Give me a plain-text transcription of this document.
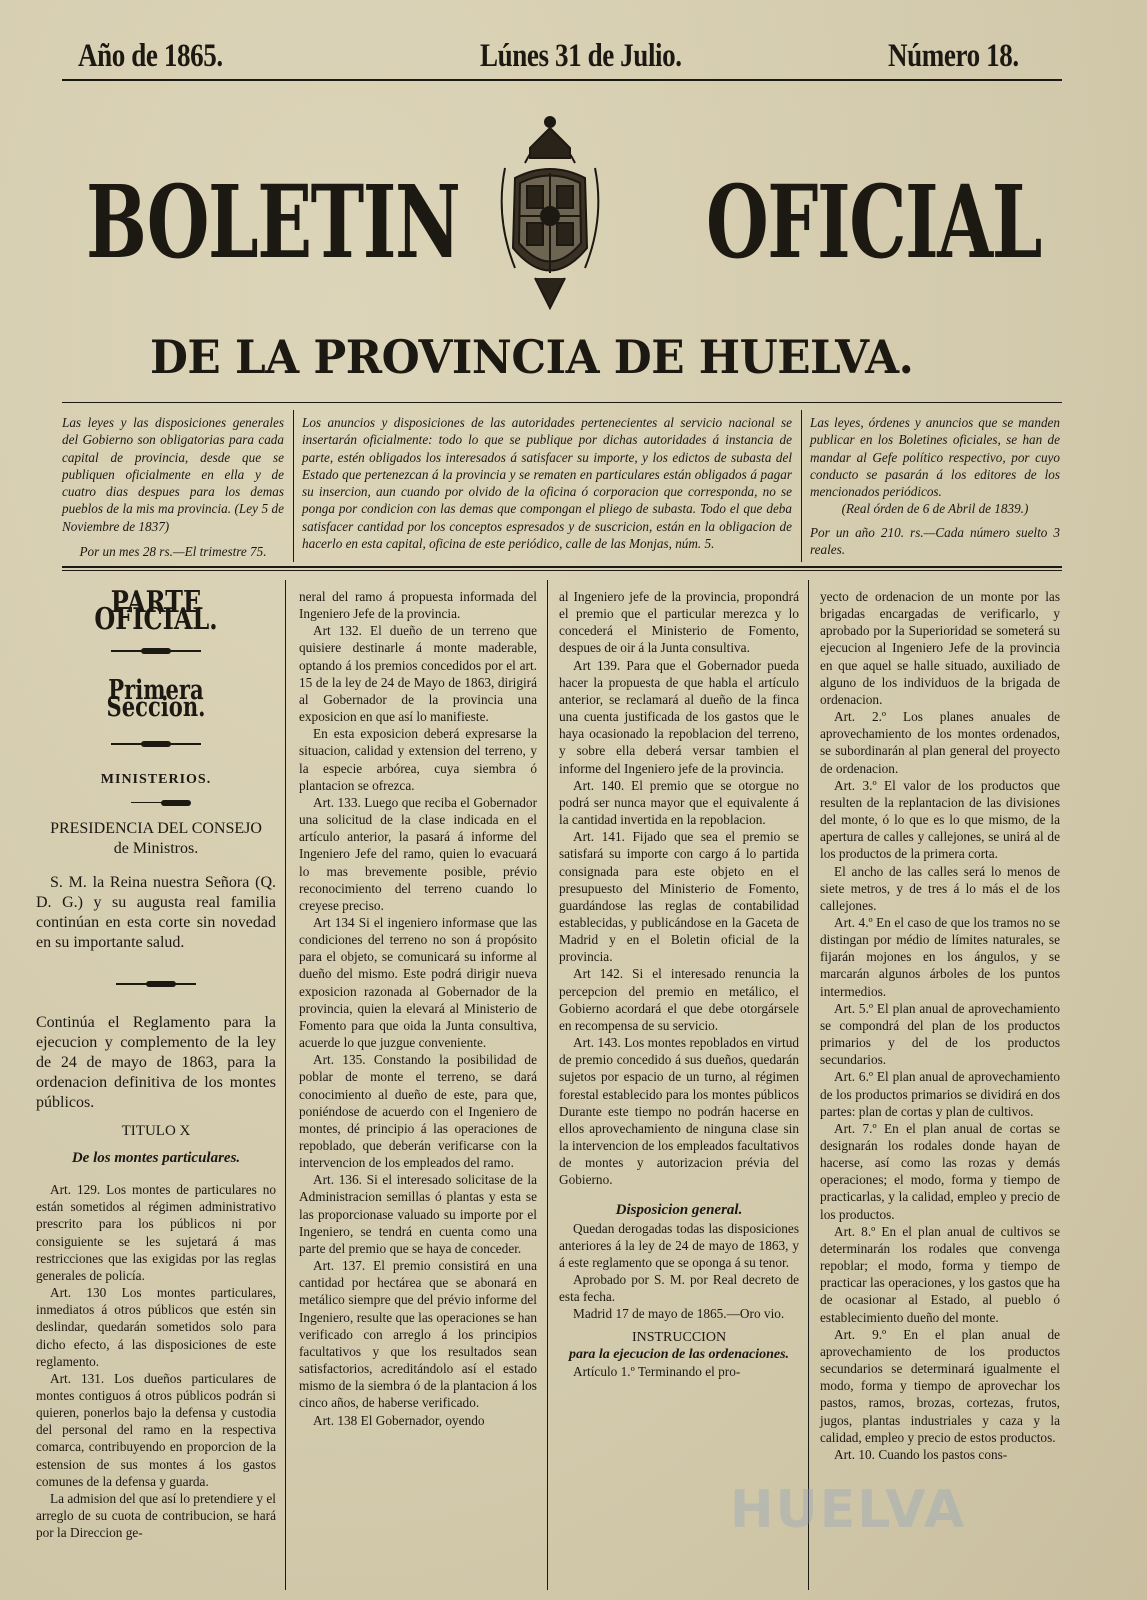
Año de 1865.	Lúnes 31 de Julio.	Número 18.
BOLETIN OFICIAL
DE LA PROVINCIA DE HUELVA.

Las leyes y las disposiciones generales del Gobierno son obligatorias para cada capital de provincia, desde que se publiquen oficialmente en ella y de cuatro dias despues para los demas pueblos de la mis ma provincia. (Ley 5 de Noviembre de 1837)

Por un mes 28 rs.—El trimestre 75.

Los anuncios y disposiciones de las autoridades pertenecientes al servicio nacional se insertarán oficialmente: todo lo que se publique por dichas autoridades á instancia de parte, estén obligados los interesados á satisfacer su importe, y los edictos de subasta del Estado que pertenezcan á la provincia y se rematen en particulares están obligados á pagar su insercion, aun cuando por olvido de la oficina ó corporacion que corresponda, no se ponga por condicion con las demas que compongan el pliego de subasta. Todo el que deba satisfacer cantidad por los conceptos espresados y de suscricion, están en la obligacion de hacerlo en esta capital, oficina de este periódico, calle de las Monjas, núm. 5.

Las leyes, órdenes y anuncios que se manden publicar en los Boletines oficiales, se han de mandar al Gefe político respectivo, por cuyo conducto se pasarán á los editores de los mencionados periódicos.

(Real órden de 6 de Abril de 1839.)

Por un año 210. rs.—Cada número suelto 3 reales.

PARTE OFICIAL.
Primera Seccion.

MINISTERIOS.

PRESIDENCIA DEL CONSEJO

de Ministros.

S. M. la Reina nuestra Señora (Q. D. G.) y su augusta real familia continúan en esta corte sin novedad en su importante salud.

Continúa el Reglamento para la ejecucion y complemento de la ley de 24 de mayo de 1863, para la ordenacion definitiva de los montes públicos.

TITULO X

De los montes particulares.

Art. 129. Los montes de particulares no están sometidos al régimen administrativo prescrito para los públicos ni por consiguiente se les sujetará á mas restricciones que las exigidas por las reglas generales de policía.

Art. 130 Los montes particulares, inmediatos á otros públicos que estén sin deslindar, quedarán sometidos solo para dicho efecto, á las disposiciones de este reglamento.

Art. 131. Los dueños particulares de montes contiguos á otros públicos podrán si quieren, ponerlos bajo la defensa y custodia del personal del ramo en la respectiva comarca, contribuyendo en proporcion de la estension de sus montes á los gastos comunes de la defensa y guarda.

La admision del que así lo pretendiere y el arreglo de su cuota de contribucion, se hará por la Direccion ge-

neral del ramo á propuesta informada del Ingeniero Jefe de la provincia.

Art 132. El dueño de un terreno que quisiere destinarle á monte maderable, optando á los premios concedidos por el art. 15 de la ley de 24 de Mayo de 1863, dirigirá al Gobernador de la provincia una exposicion en que así lo manifieste.

En esta exposicion deberá expresarse la situacion, calidad y extension del terreno, y la especie arbórea, cuya siembra ó plantacion se ofrezca.

Art. 133. Luego que reciba el Gobernador una solicitud de la clase indicada en el artículo anterior, la pasará á informe del Ingeniero Jefe del ramo, quien lo evacuará lo mas brevemente posible, prévio reconocimiento del terreno cuando lo creyese preciso.

Art 134 Si el ingeniero informase que las condiciones del terreno no son á propósito para el objeto, se comunicará su informe al dueño del mismo. Este podrá dirigir nueva exposicion razonada al Gobernador de la provincia, quien la elevará al Ministerio de Fomento para que oida la Junta consultiva, acuerde lo que juzgue conveniente.

Art. 135. Constando la posibilidad de poblar de monte el terreno, se dará conocimiento al dueño de este, para que, poniéndose de acuerdo con el Ingeniero de montes, dé principio á las operaciones de repoblado, que deberán verificarse con la intervencion de los empleados del ramo.

Art. 136. Si el interesado solicitase de la Administracion semillas ó plantas y esta se las proporcionase valuado su importe por el Ingeniero, se tendrá en cuenta como una parte del premio que se haya de conceder.

Art. 137. El premio consistirá en una cantidad por hectárea que se abonará en metálico siempre que del prévio informe del Ingeniero, resulte que las operaciones se han verificado con arreglo á los principios facultativos y que los resultados sean satisfactorios, acreditándolo así el estado mismo de la siembra ó de la plantacion á los cinco años, de haberse verificado.

Art. 138 El Gobernador, oyendo

al Ingeniero jefe de la provincia, propondrá el premio que el particular merezca y lo concederá el Ministerio de Fomento, despues de oir á la Junta consultiva.

Art 139. Para que el Gobernador pueda hacer la propuesta de que habla el artículo anterior, se reclamará al dueño de la finca una cuenta justificada de los gastos que le haya ocasionado la repoblacion del terreno, y sobre ella deberá versar tambien el informe del Ingeniero jefe de la provincia.

Art. 140. El premio que se otorgue no podrá ser nunca mayor que el equivalente á la cantidad invertida en la repoblacion.

Art. 141. Fijado que sea el premio se satisfará su importe con cargo á lo partida consignada para este objeto en el presupuesto del Ministerio de Fomento, guardándose las reglas de contabilidad establecidas, y publicándose en la Gaceta de Madrid y en el Boletin oficial de la provincia.

Art 142. Si el interesado renuncia la percepcion del premio en metálico, el Gobierno acordará el que debe otorgársele en recompensa de su servicio.

Art. 143. Los montes repoblados en virtud de premio concedido á sus dueños, quedarán sujetos por espacio de un turno, al régimen forestal establecido para los montes públicos Durante este tiempo no podrán hacerse en ellos aprovechamiento de ninguna clase sin la intervencion de los empleados facultativos de montes y autorizacion prévia del Gobierno.

Disposicion general.

Quedan derogadas todas las disposiciones anteriores á la ley de 24 de mayo de 1863, y á este reglamento que se oponga á su tenor.

Aprobado por S. M. por Real decreto de esta fecha.

Madrid 17 de mayo de 1865.—Oro vio.

INSTRUCCION

para la ejecucion de las ordenaciones.

Artículo 1.º Terminando el pro-

yecto de ordenacion de un monte por las brigadas encargadas de verificarlo, y aprobado por la Superioridad se someterá su ejecucion al Ingeniero Jefe de la provincia en que aquel se halle situado, auxiliado de alguno de los individuos de la brigada de ordenacion.

Art. 2.º Los planes anuales de aprovechamiento de los montes ordenados, se subordinarán al plan general del proyecto de ordenacion.

Art. 3.º El valor de los productos que resulten de la replantacion de las divisiones del monte, ó lo que es lo que mismo, de la apertura de calles y callejones, se unirá al de los productos de la primera corta.

El ancho de las calles será lo menos de siete metros, y de tres á lo más el de los callejones.

Art. 4.º En el caso de que los tramos no se distingan por médio de límites naturales, se fijarán mojones en los ángulos, y se marcarán algunos árboles de los puntos intermedios.

Art. 5.º El plan anual de aprovechamiento se compondrá del plan de los productos primarios y del de los productos secundarios.

Art. 6.º El plan anual de aprovechamiento de los productos primarios se dividirá en dos partes: plan de cortas y plan de cultivos.

Art. 7.º En el plan anual de cortas se designarán los rodales donde hayan de hacerse, así como las rozas y demás operaciones; el modo, forma y tiempo de practicarlas, y la calidad, empleo y precio de los productos.

Art. 8.º En el plan anual de cultivos se determinarán los rodales que convenga repoblar; el modo, forma y tiempo de practicar las operaciones, y los gastos que ha de ocasionar al Estado, al pueblo ó establecimiento dueño del monte.

Art. 9.º En el plan anual de aprovechamiento de los productos secundarios se determinará igualmente el modo, forma y tiempo de aprovechar los pastos, ramos, brozas, cortezas, frutos, jugos, plantas industriales y caza y la calidad, empleo y precio de estos productos.

Art. 10. Cuando los pastos cons-

HUELVA
